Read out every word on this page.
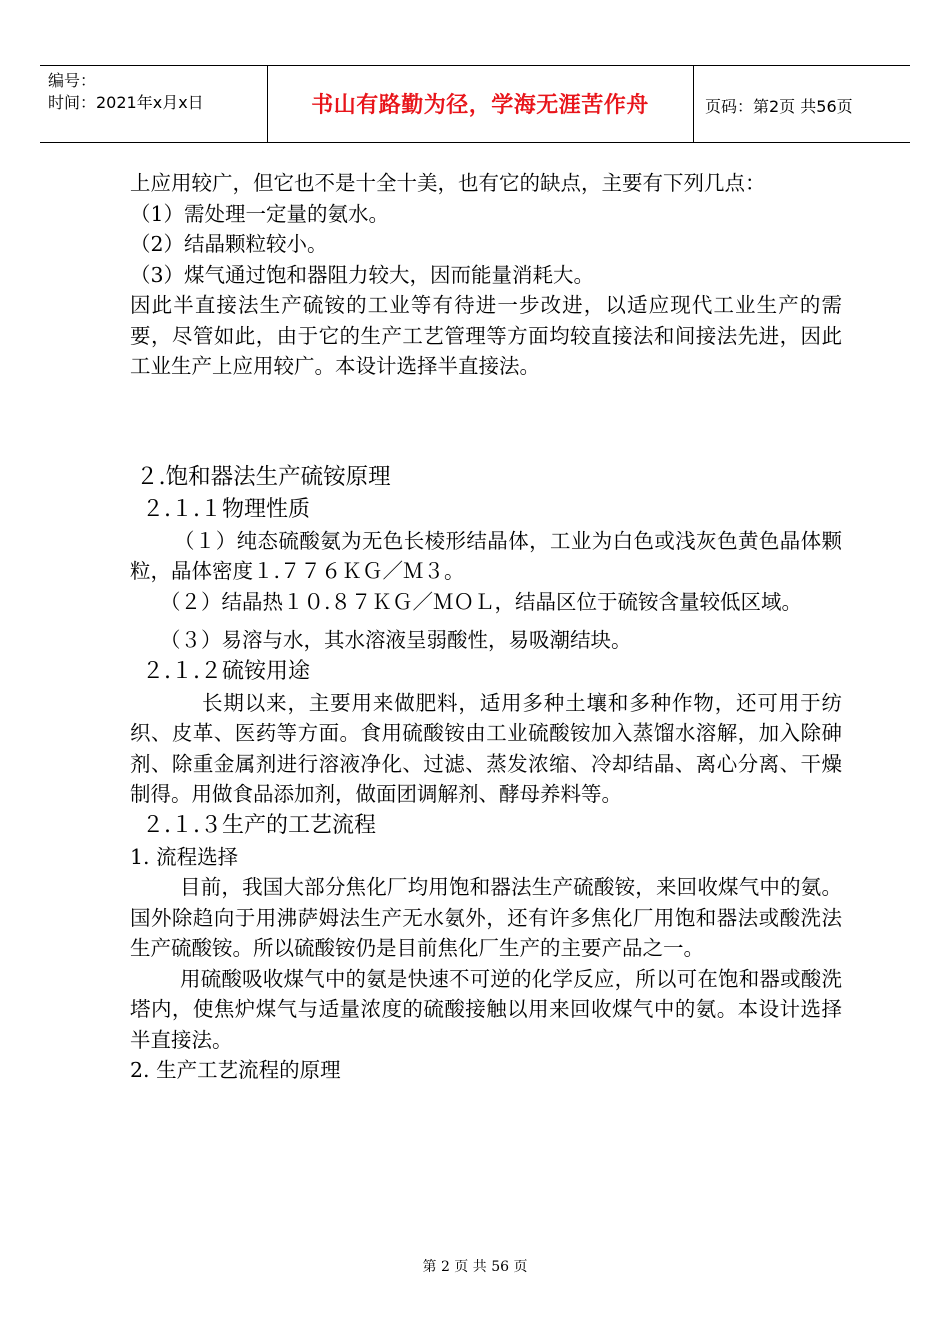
编号：
时间：2021年x月x日	书山有路勤为径，学海无涯苦作舟	页码：第2页 共56页

上应用较广，但它也不是十全十美，也有它的缺点，主要有下列几点：

（1）需处理一定量的氨水。

（2）结晶颗粒较小。

（3）煤气通过饱和器阻力较大，因而能量消耗大。

因此半直接法生产硫铵的工业等有待进一步改进，以适应现代工业生产的需要，尽管如此，由于它的生产工艺管理等方面均较直接法和间接法先进，因此工业生产上应用较广。本设计选择半直接法。

２.饱和器法生产硫铵原理

２.１.１物理性质

（１）纯态硫酸氨为无色长棱形结晶体，工业为白色或浅灰色黄色晶体颗粒，晶体密度１.７７６ＫＧ／Ｍ３。

（２）结晶热１０.８７ＫＧ／ＭＯＬ，结晶区位于硫铵含量较低区域。

（３）易溶与水，其水溶液呈弱酸性，易吸潮结块。

２.１.２硫铵用途

长期以来，主要用来做肥料，适用多种土壤和多种作物，还可用于纺织、皮革、医药等方面。食用硫酸铵由工业硫酸铵加入蒸馏水溶解，加入除砷剂、除重金属剂进行溶液净化、过滤、蒸发浓缩、冷却结晶、离心分离、干燥制得。用做食品添加剂，做面团调解剂、酵母养料等。

２.１.３生产的工艺流程

1. 流程选择

目前，我国大部分焦化厂均用饱和器法生产硫酸铵，来回收煤气中的氨。国外除趋向于用沸萨姆法生产无水氨外，还有许多焦化厂用饱和器法或酸洗法生产硫酸铵。所以硫酸铵仍是目前焦化厂生产的主要产品之一。

用硫酸吸收煤气中的氨是快速不可逆的化学反应，所以可在饱和器或酸洗塔内，使焦炉煤气与适量浓度的硫酸接触以用来回收煤气中的氨。本设计选择半直接法。

2. 生产工艺流程的原理

第 2 页 共 56 页
